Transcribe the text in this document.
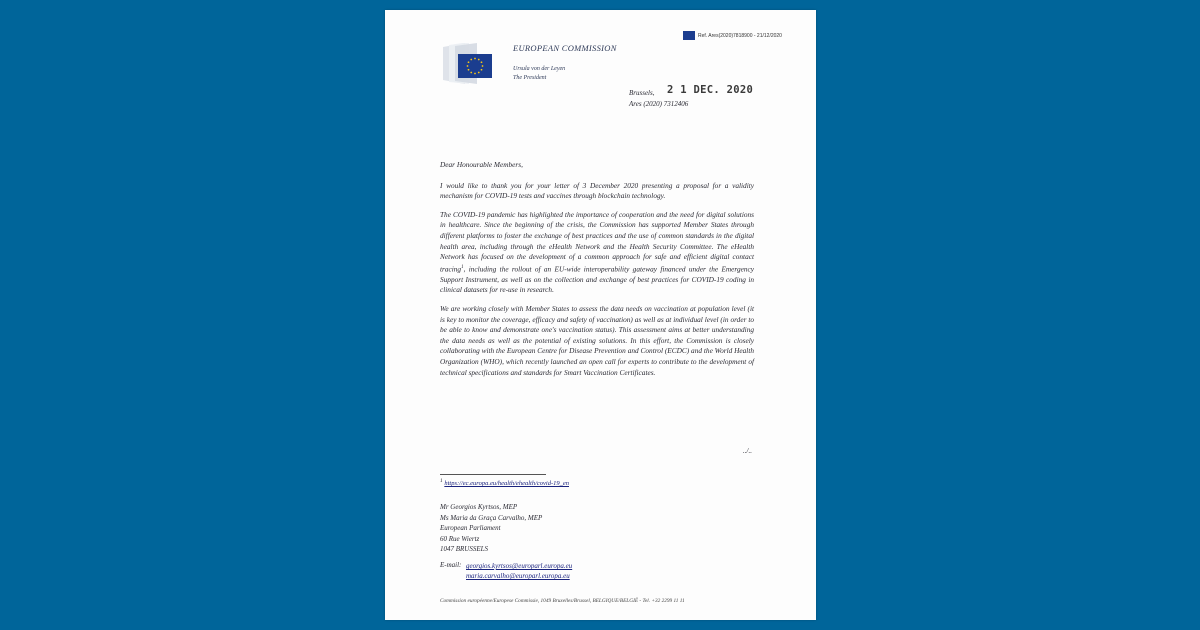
Ref. Ares(2020)7818900 - 21/12/2020
EUROPEAN COMMISSION
Ursula von der Leyen
The President
Brussels,
Ares (2020) 7312406
2 1 DEC. 2020

Dear Honourable Members,

I would like to thank you for your letter of 3 December 2020 presenting a proposal for a validity mechanism for COVID-19 tests and vaccines through blockchain technology.

The COVID-19 pandemic has highlighted the importance of cooperation and the need for digital solutions in healthcare. Since the beginning of the crisis, the Commission has supported Member States through different platforms to foster the exchange of best practices and the use of common standards in the digital health area, including through the eHealth Network and the Health Security Committee. The eHealth Network has focused on the development of a common approach for safe and efficient digital contact tracing$^1$, including the rollout of an EU-wide interoperability gateway financed under the Emergency Support Instrument, as well as on the collection and exchange of best practices for COVID-19 coding in clinical datasets for re-use in research.

We are working closely with Member States to assess the data needs on vaccination at population level (it is key to monitor the coverage, efficacy and safety of vaccination) as well as at individual level (in order to be able to know and demonstrate one's vaccination status). This assessment aims at better understanding the data needs as well as the potential of existing solutions. In this effort, the Commission is closely collaborating with the European Centre for Disease Prevention and Control (ECDC) and the World Health Organization (WHO), which recently launched an open call for experts to contribute to the development of technical specifications and standards for Smart Vaccination Certificates.

../..
$^1$ https://ec.europa.eu/health/ehealth/covid-19_en
Mr Georgios Kyrtsos, MEP
Ms Maria da Graça Carvalho, MEP
European Parliament
60 Rue Wiertz
1047 BRUSSELS
E-mail: georgios.kyrtsos@europarl.europa.eu
maria.carvalho@europarl.europa.eu
Commission européenne/Europese Commissie, 1049 Bruxelles/Brussel, BELGIQUE/BELGIË - Tel. +32 2299 11 11
